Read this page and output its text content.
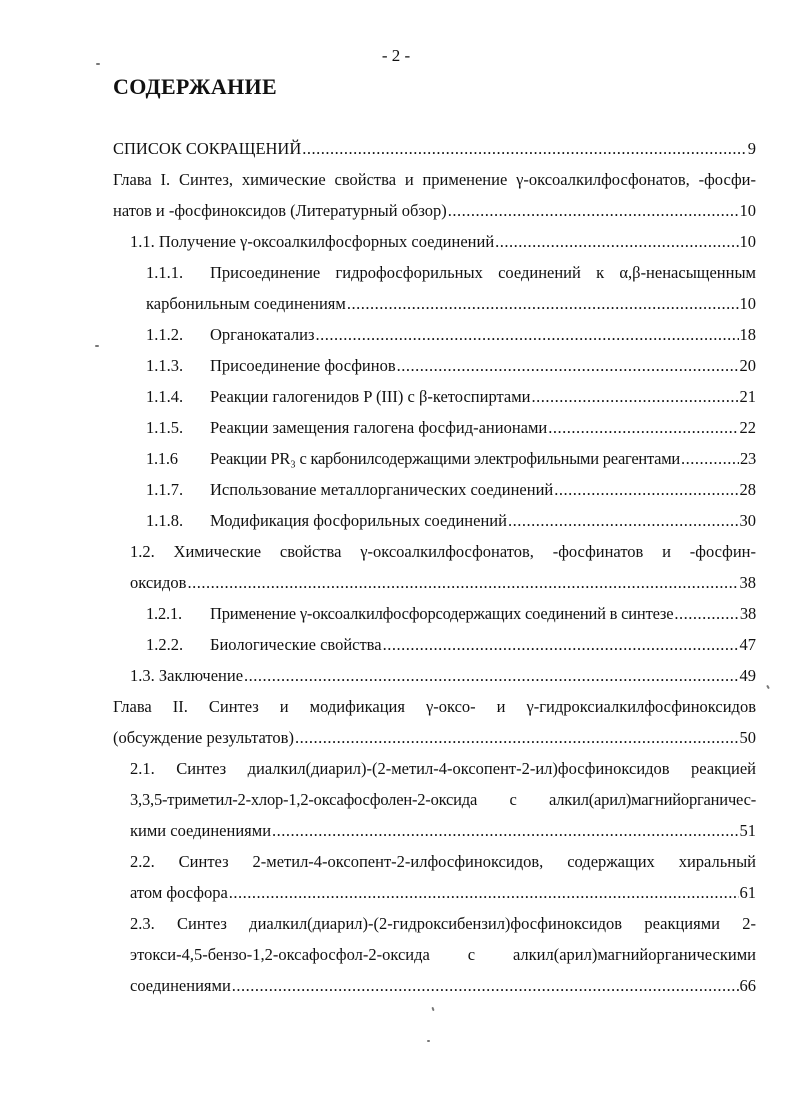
- 2 -
СОДЕРЖАНИЕ
СПИСОК СОКРАЩЕНИЙ .....	9
Глава I. Синтез, химические свойства и применение γ-оксоалкилфосфонатов, -фосфи-
натов и -фосфиноксидов (Литературный обзор) .....	10
1.1. Получение γ-оксоалкилфосфорных соединений .....	10
1.1.1.	Присоединение гидрофосфорильных соединений к α,β-ненасыщенным
карбонильным соединениям .....	10
1.1.2.	Органокатализ .....	18
1.1.3.	Присоединение фосфинов .....	20
1.1.4.	Реакции галогенидов P (III) с β-кетоспиртами .....	21
1.1.5.	Реакции замещения галогена фосфид-анионами .....	22
1.1.6	Реакции PR₃ с карбонилсодержащими электрофильными реагентами .....	23
1.1.7.	Использование металлорганических соединений .....	28
1.1.8.	Модификация фосфорильных соединений .....	30
1.2. Химические свойства γ-оксоалкилфосфонатов, -фосфинатов и -фосфин-
оксидов .....	38
1.2.1.	Применение γ-оксоалкилфосфорсодержащих соединений в синтезе .....	38
1.2.2.	Биологические свойства .....	47
1.3. Заключение .....	49
Глава II. Синтез и модификация γ-оксо- и γ-гидроксиалкилфосфиноксидов
(обсуждение результатов) .....	50
2.1. Синтез диалкил(диарил)-(2-метил-4-оксопент-2-ил)фосфиноксидов реакцией
3,3,5-триметил-2-хлор-1,2-оксафосфолен-2-оксида с алкил(арил)магнийорганичес-
кими соединениями .....	51
2.2. Синтез 2-метил-4-оксопент-2-илфосфиноксидов, содержащих хиральный
атом фосфора .....	61
2.3. Синтез диалкил(диарил)-(2-гидроксибензил)фосфиноксидов реакциями 2-
этокси-4,5-бензо-1,2-оксафосфол-2-оксида с алкил(арил)магнийорганическими
соединениями .....	66
